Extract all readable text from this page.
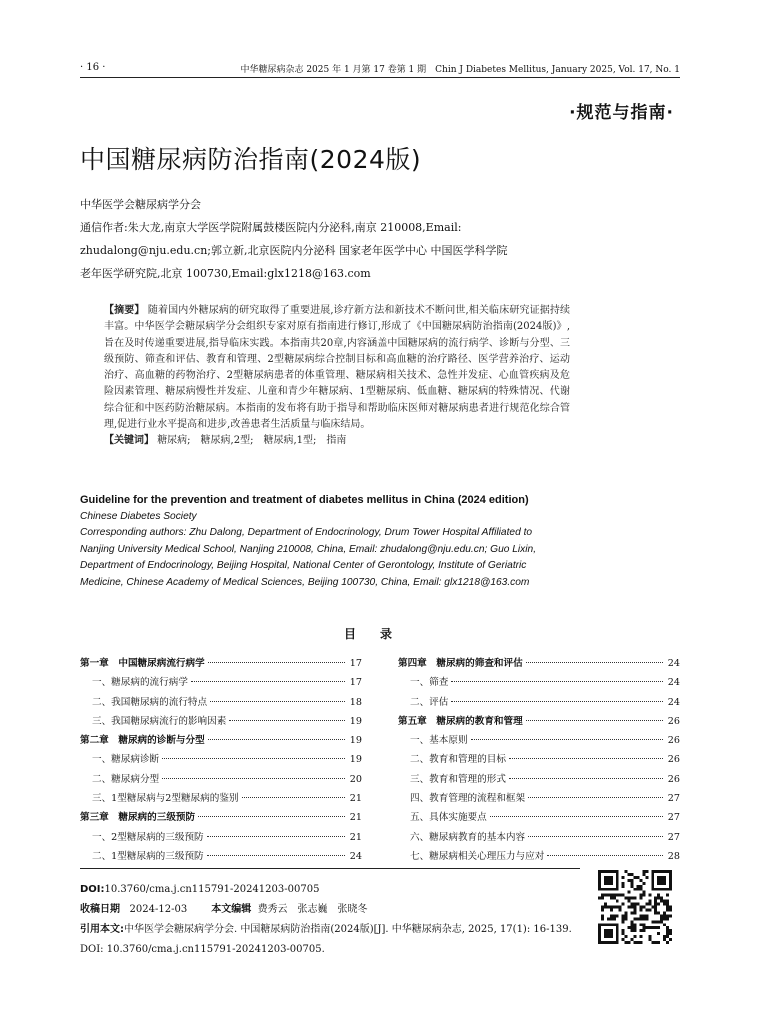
· 16 ·	中华糖尿病杂志 2025 年 1 月第 17 卷第 1 期　Chin J Diabetes Mellitus, January 2025, Vol. 17, No. 1
·规范与指南·
中国糖尿病防治指南(2024版)
中华医学会糖尿病学分会
通信作者:朱大龙,南京大学医学院附属鼓楼医院内分泌科,南京 210008,Email:
zhudalong@nju.edu.cn;郭立新,北京医院内分泌科 国家老年医学中心 中国医学科学院
老年医学研究院,北京 100730,Email:glx1218@163.com

【摘要】 随着国内外糖尿病的研究取得了重要进展,诊疗新方法和新技术不断问世,相关临床研究证据持续丰富。中华医学会糖尿病学分会组织专家对原有指南进行修订,形成了《中国糖尿病防治指南(2024版)》,旨在及时传递重要进展,指导临床实践。本指南共20章,内容涵盖中国糖尿病的流行病学、诊断与分型、三级预防、筛查和评估、教育和管理、2型糖尿病综合控制目标和高血糖的治疗路径、医学营养治疗、运动治疗、高血糖的药物治疗、2型糖尿病患者的体重管理、糖尿病相关技术、急性并发症、心血管疾病及危险因素管理、糖尿病慢性并发症、儿童和青少年糖尿病、1型糖尿病、低血糖、糖尿病的特殊情况、代谢综合征和中医药防治糖尿病。本指南的发布将有助于指导和帮助临床医师对糖尿病患者进行规范化综合管理,促进行业水平提高和进步,改善患者生活质量与临床结局。

【关键词】 糖尿病;　糖尿病,2型;　糖尿病,1型;　指南

Guideline for the prevention and treatment of diabetes mellitus in China (2024 edition)
Chinese Diabetes Society
Corresponding authors: Zhu Dalong, Department of Endocrinology, Drum Tower Hospital Affiliated to
Nanjing University Medical School, Nanjing 210008, China, Email: zhudalong@nju.edu.cn; Guo Lixin,
Department of Endocrinology, Beijing Hospital, National Center of Gerontology, Institute of Geriatric
Medicine, Chinese Academy of Medical Sciences, Beijing 100730, China, Email: glx1218@163.com
目录
第一章　中国糖尿病流行病学	17
一、糖尿病的流行病学	17
二、我国糖尿病的流行特点	18
三、我国糖尿病流行的影响因素	19
第二章　糖尿病的诊断与分型	19
一、糖尿病诊断	19
二、糖尿病分型	20
三、1型糖尿病与2型糖尿病的鉴别	21
第三章　糖尿病的三级预防	21
一、2型糖尿病的三级预防	21
二、1型糖尿病的三级预防	24
第四章　糖尿病的筛查和评估	24
一、筛查	24
二、评估	24
第五章　糖尿病的教育和管理	26
一、基本原则	26
二、教育和管理的目标	26
三、教育和管理的形式	26
四、教育管理的流程和框架	27
五、具体实施要点	27
六、糖尿病教育的基本内容	27
七、糖尿病相关心理压力与应对	28
DOI:10.3760/cma.j.cn115791-20241203-00705
收稿日期 2024-12-03 本文编辑 费秀云　张志巍　张晓冬
引用本文:中华医学会糖尿病学分会. 中国糖尿病防治指南(2024版)[J]. 中华糖尿病杂志, 2025, 17(1): 16-139. DOI: 10.3760/cma.j.cn115791-20241203-00705.
